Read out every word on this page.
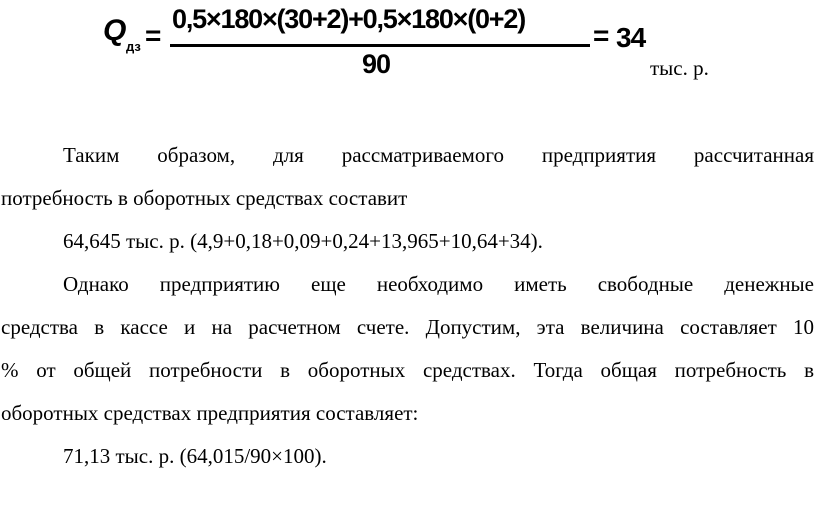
Q дз =
0,5×180×(30+2)+0,5×180×(0+2)
90
= 34
тыс. р.
Таким образом, для рассматриваемого предприятия рассчитанная
потребность в оборотных средствах составит
64,645 тыс. р. (4,9+0,18+0,09+0,24+13,965+10,64+34).
Однако предприятию еще необходимо иметь свободные денежные
средства в кассе и на расчетном счете. Допустим, эта величина составляет 10
% от общей потребности в оборотных средствах. Тогда общая потребность в
оборотных средствах предприятия составляет:
71,13 тыс. р. (64,015/90×100).
